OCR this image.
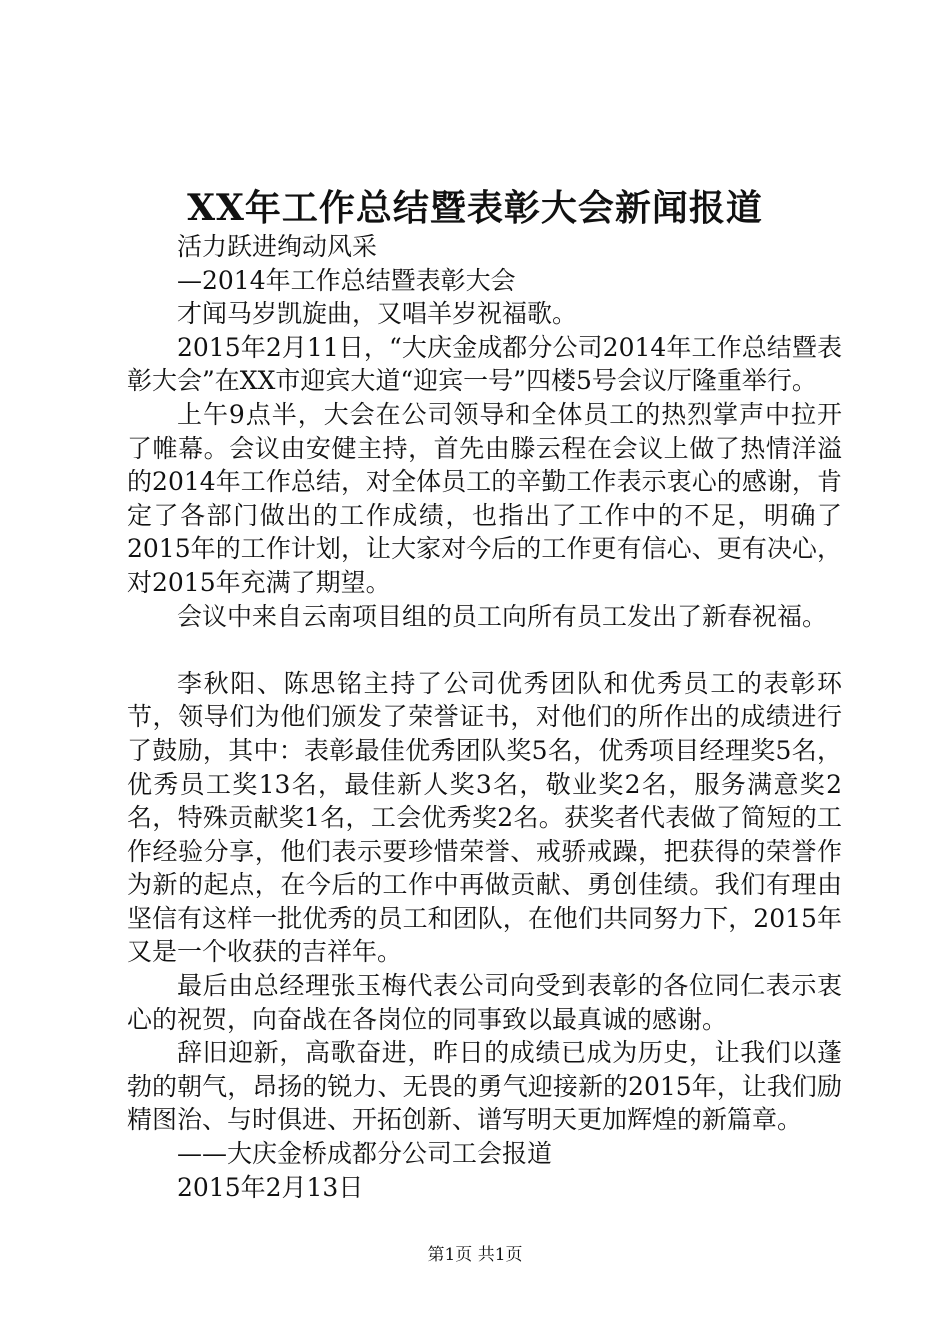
XX年工作总结暨表彰大会新闻报道

活力跃进绚动风采

—2014年工作总结暨表彰大会

才闻马岁凯旋曲，又唱羊岁祝福歌。

2015年2月11日，“大庆金成都分公司2014年工作总结暨表彰大会”在XX市迎宾大道“迎宾一号”四楼5号会议厅隆重举行。

上午9点半，大会在公司领导和全体员工的热烈掌声中拉开了帷幕。会议由安健主持，首先由滕云程在会议上做了热情洋溢的2014年工作总结，对全体员工的辛勤工作表示衷心的感谢，肯定了各部门做出的工作成绩，也指出了工作中的不足，明确了2015年的工作计划，让大家对今后的工作更有信心、更有决心，对2015年充满了期望。

会议中来自云南项目组的员工向所有员工发出了新春祝福。

李秋阳、陈思铭主持了公司优秀团队和优秀员工的表彰环节，领导们为他们颁发了荣誉证书，对他们的所作出的成绩进行了鼓励，其中：表彰最佳优秀团队奖5名，优秀项目经理奖5名，优秀员工奖13名，最佳新人奖3名，敬业奖2名，服务满意奖2名，特殊贡献奖1名，工会优秀奖2名。获奖者代表做了简短的工作经验分享，他们表示要珍惜荣誉、戒骄戒躁，把获得的荣誉作为新的起点，在今后的工作中再做贡献、勇创佳绩。我们有理由坚信有这样一批优秀的员工和团队，在他们共同努力下，2015年又是一个收获的吉祥年。

最后由总经理张玉梅代表公司向受到表彰的各位同仁表示衷心的祝贺，向奋战在各岗位的同事致以最真诚的感谢。

辞旧迎新，高歌奋进，昨日的成绩已成为历史，让我们以蓬勃的朝气，昂扬的锐力、无畏的勇气迎接新的2015年，让我们励精图治、与时俱进、开拓创新、谱写明天更加辉煌的新篇章。

——大庆金桥成都分公司工会报道

2015年2月13日

第1页 共1页
